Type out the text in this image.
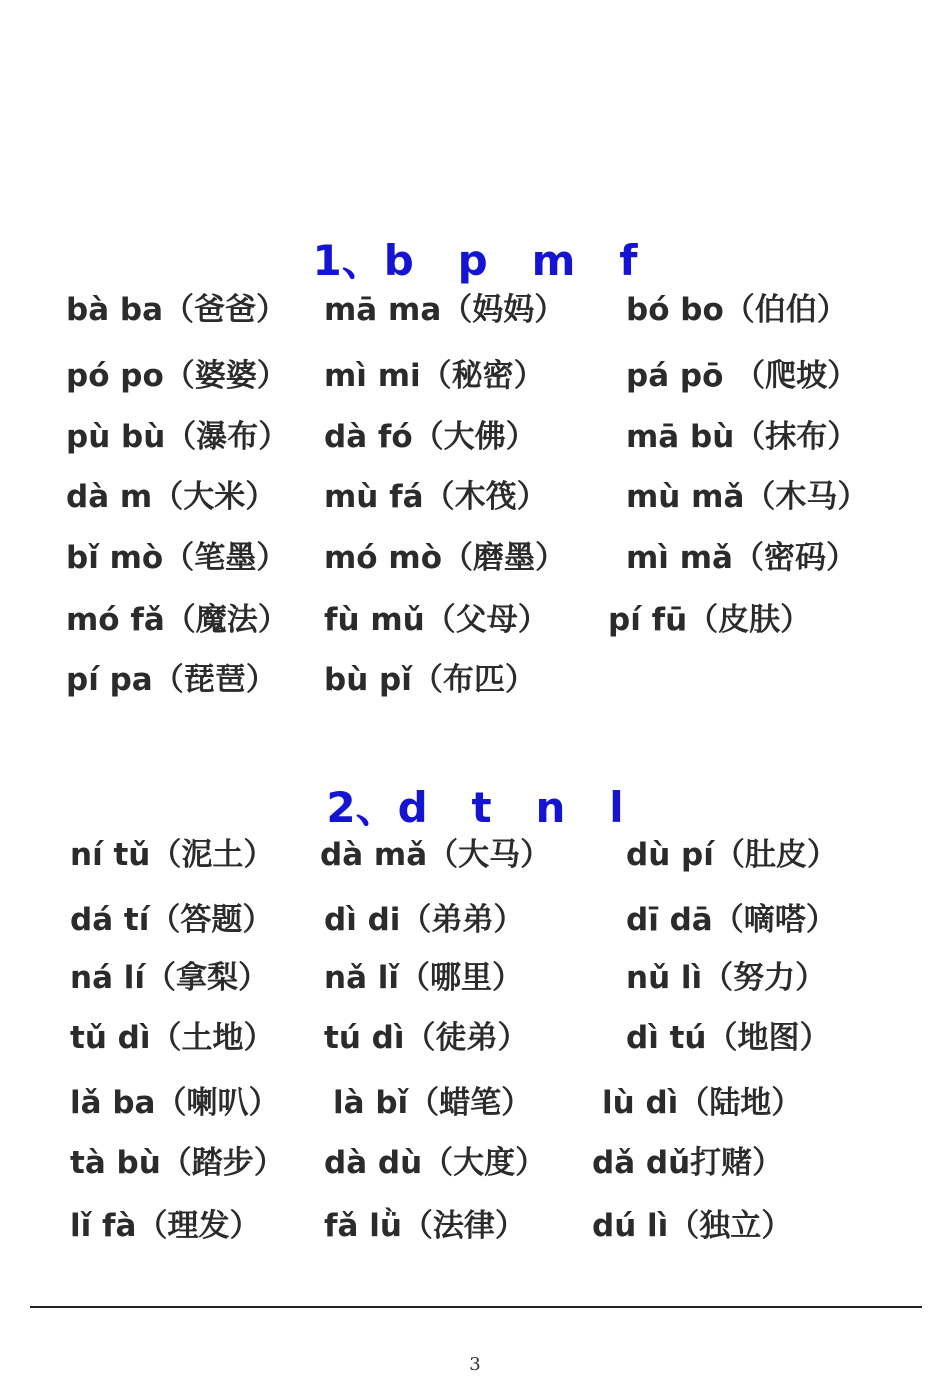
1、b   p   m   f
bà ba（爸爸） mā ma（妈妈） bó bo（伯伯）
pó po（婆婆） mì mi（秘密）	pá pō （爬坡）
pù bù（瀑布） dà fó（大佛）	mā bù（抹布）
dà m（大米） mù fá（木筏）	mù mǎ（木马）
bǐ mò（笔墨） mó mò（磨墨） mì mǎ（密码）
mó fǎ（魔法） fù mǔ（父母） pí fū（皮肤）
pí pa（琵琶） bù pǐ（布匹）
2、d   t   n   l
ní tǔ（泥土） dà mǎ（大马） dù pí（肚皮）
dá tí（答题） dì di（弟弟）	dī dā（嘀嗒）
ná lí（拿梨） nǎ lǐ（哪里）	nǔ lì（努力）
tǔ dì（土地） tú dì（徒弟）	dì tú（地图）
lǎ ba（喇叭） là bǐ（蜡笔） lù dì（陆地）
tà bù（踏步） dà dù（大度） dǎ dǔ打赌）
lǐ fà（理发） fǎ lǜ（法律） dú lì（独立）
3
